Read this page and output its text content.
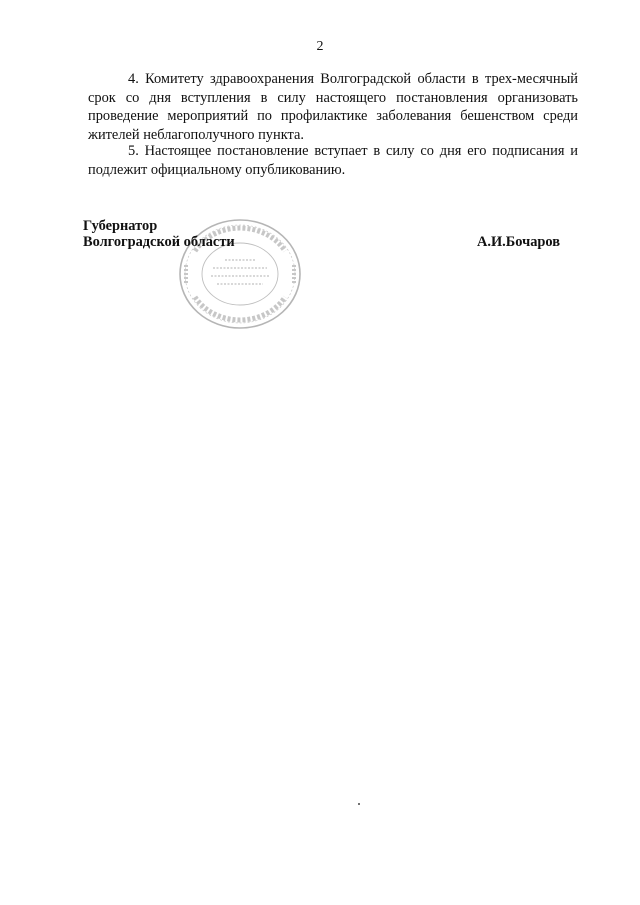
2
4. Комитету здравоохранения Волгоградской области в трех-месячный срок со дня вступления в силу настоящего постановления организовать проведение мероприятий по профилактике заболевания бешенством среди жителей неблагополучного пункта.
5. Настоящее постановление вступает в силу со дня его подписания и подлежит официальному опубликованию.
Губернатор
Волгоградской области	А.И.Бочаров
